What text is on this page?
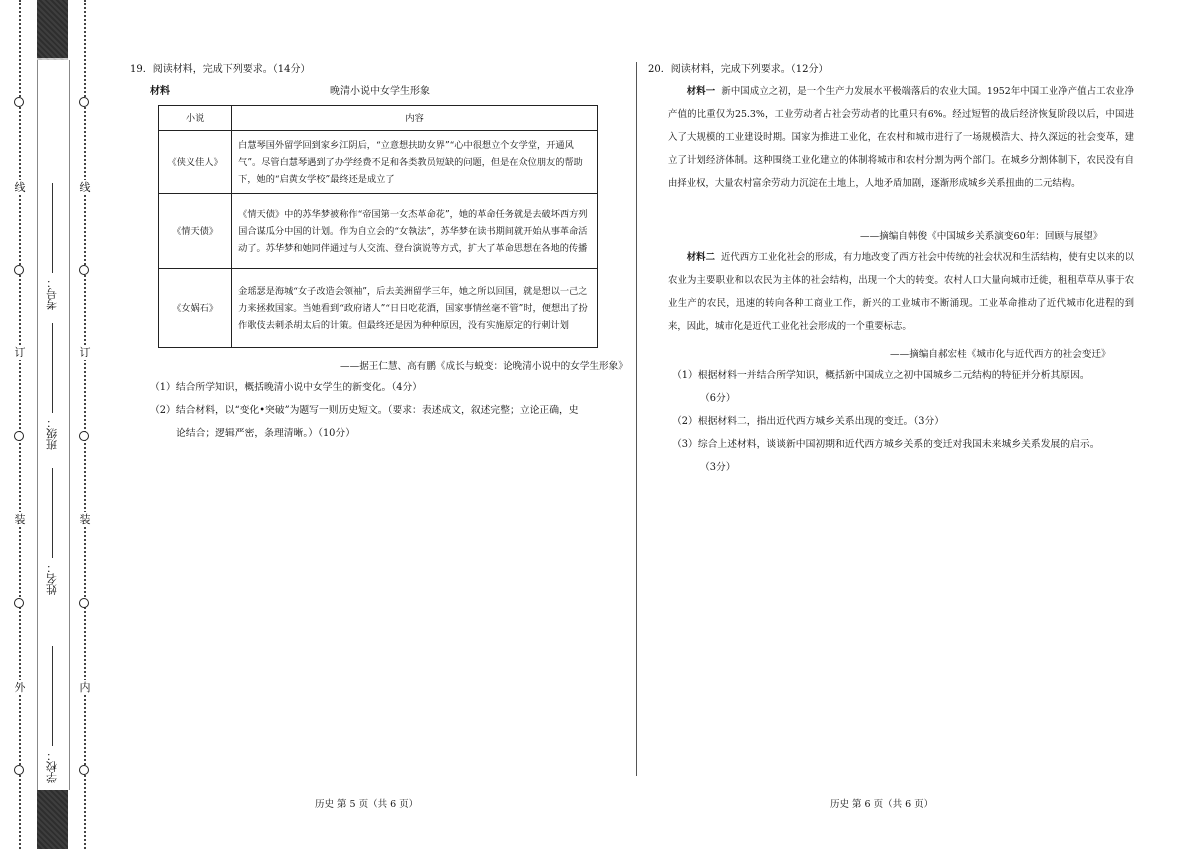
线
订
装
外
线
订
装
内
学校：
姓名：
班级：
考号：
19．阅读材料，完成下列要求。（14分）
材料	晚清小说中女学生形象
小说	内容
《侠义佳人》	白慧琴国外留学回到家乡江阴后，“立意想扶助女界”“心中很想立个女学堂，开通风气”。尽管白慧琴遇到了办学经费不足和各类教员短缺的问题，但是在众位朋友的帮助下，她的“启黄女学校”最终还是成立了
《情天债》	《情天债》中的苏华梦被称作“帝国第一女杰革命花”，她的革命任务就是去破坏西方列国合谋瓜分中国的计划。作为自立会的“女執法”，苏华梦在读书期间就开始从事革命活动了。苏华梦和她同伴通过与人交流、登台演说等方式，扩大了革命思想在各地的传播
《女娲石》	金瑶瑟是海城“女子改造会领袖”，后去美洲留学三年，她之所以回国，就是想以一己之力来拯救国家。当她看到“政府诸人”“日日吃花酒，国家事情丝毫不管”时，便想出了扮作歌伎去刺杀胡太后的计策。但最终还是因为种种原因，没有实施原定的行刺计划
——据王仁慧、高有鹏《成长与蜕变：论晚清小说中的女学生形象》
（1）结合所学知识，概括晚清小说中女学生的新变化。（4分）
（2）结合材料，以“变化•突破”为题写一则历史短文。（要求：表述成文，叙述完整；立论正确，史
论结合；逻辑严密，条理清晰。）（10分）
历史 第 5 页（共 6 页）
20．阅读材料，完成下列要求。（12分）
材料一 新中国成立之初，是一个生产力发展水平极端落后的农业大国。1952年中国工业净产值占工农业净产值的比重仅为25.3%，工业劳动者占社会劳动者的比重只有6%。经过短暂的战后经济恢复阶段以后，中国进入了大规模的工业建设时期。国家为推进工业化，在农村和城市进行了一场规模浩大、持久深远的社会变革，建立了计划经济体制。这种围绕工业化建立的体制将城市和农村分割为两个部门。在城乡分割体制下，农民没有自由择业权，大量农村富余劳动力沉淀在土地上，人地矛盾加剧，逐渐形成城乡关系扭曲的二元结构。
——摘编自韩俊《中国城乡关系演变60年：回顾与展望》
材料二 近代西方工业化社会的形成，有力地改变了西方社会中传统的社会状况和生活结构，使有史以来的以农业为主要职业和以农民为主体的社会结构，出现一个大的转变。农村人口大量向城市迁徙，租租草草从事于农业生产的农民，迅速的转向各种工商业工作，新兴的工业城市不断涌现。工业革命推动了近代城市化进程的到来，因此，城市化是近代工业化社会形成的一个重要标志。
——摘编自郝宏桂《城市化与近代西方的社会变迁》
（1）根据材料一并结合所学知识，概括新中国成立之初中国城乡二元结构的特征并分析其原因。
（6分）
（2）根据材料二，指出近代西方城乡关系出现的变迁。（3分）
（3）综合上述材料，谈谈新中国初期和近代西方城乡关系的变迁对我国未来城乡关系发展的启示。
（3分）
历史 第 6 页（共 6 页）
